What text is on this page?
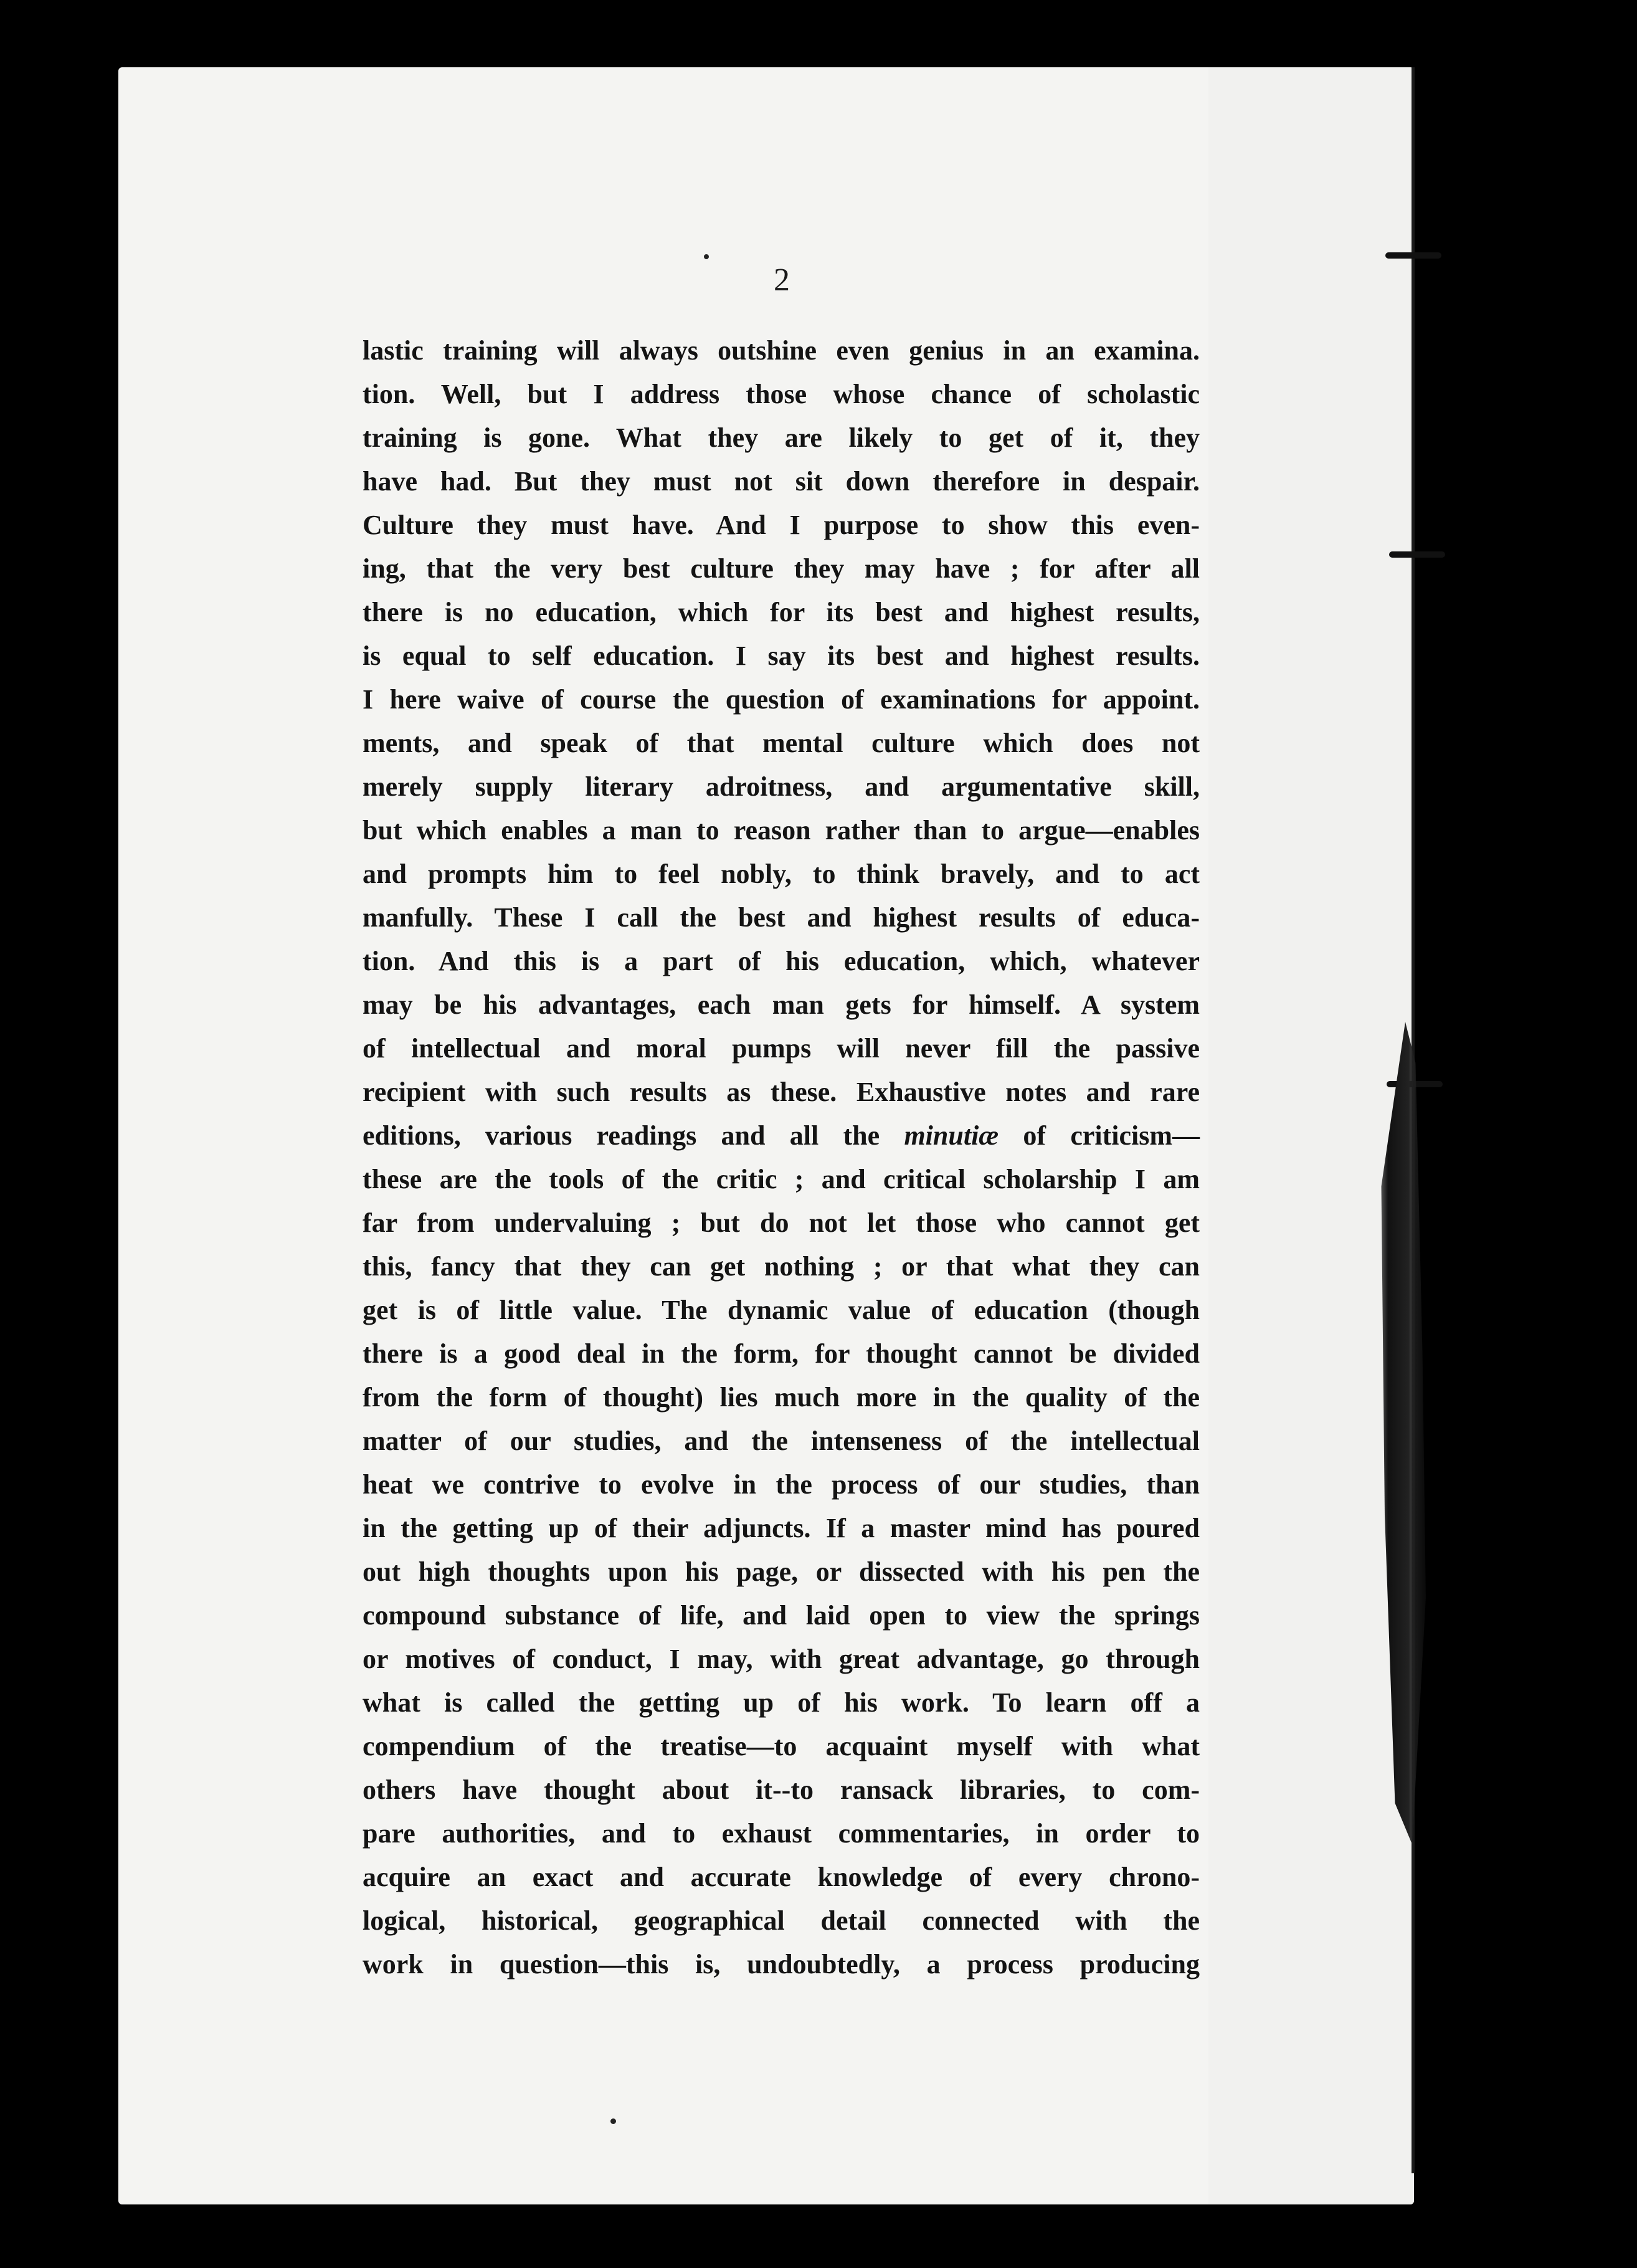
2
lastic training will always outshine even genius in an examina.
tion. Well, but I address those whose chance of scholastic
training is gone. What they are likely to get of it, they
have had. But they must not sit down therefore in despair.
Culture they must have. And I purpose to show this even-
ing, that the very best culture they may have ; for after all
there is no education, which for its best and highest results,
is equal to self education. I say its best and highest results.
I here waive of course the question of examinations for appoint.
ments, and speak of that mental culture which does not
merely supply literary adroitness, and argumentative skill,
but which enables a man to reason rather than to argue—enables
and prompts him to feel nobly, to think bravely, and to act
manfully. These I call the best and highest results of educa-
tion. And this is a part of his education, which, whatever
may be his advantages, each man gets for himself. A system
of intellectual and moral pumps will never fill the passive
recipient with such results as these. Exhaustive notes and rare
editions, various readings and all the minutiæ of criticism—
these are the tools of the critic ; and critical scholarship I am
far from undervaluing ; but do not let those who cannot get
this, fancy that they can get nothing ; or that what they can
get is of little value. The dynamic value of education (though
there is a good deal in the form, for thought cannot be divided
from the form of thought) lies much more in the quality of the
matter of our studies, and the intenseness of the intellectual
heat we contrive to evolve in the process of our studies, than
in the getting up of their adjuncts. If a master mind has poured
out high thoughts upon his page, or dissected with his pen the
compound substance of life, and laid open to view the springs
or motives of conduct, I may, with great advantage, go through
what is called the getting up of his work. To learn off a
compendium of the treatise—to acquaint myself with what
others have thought about it--to ransack libraries, to com-
pare authorities, and to exhaust commentaries, in order to
acquire an exact and accurate knowledge of every chrono-
logical, historical, geographical detail connected with the
work in question—this is, undoubtedly, a process producing
